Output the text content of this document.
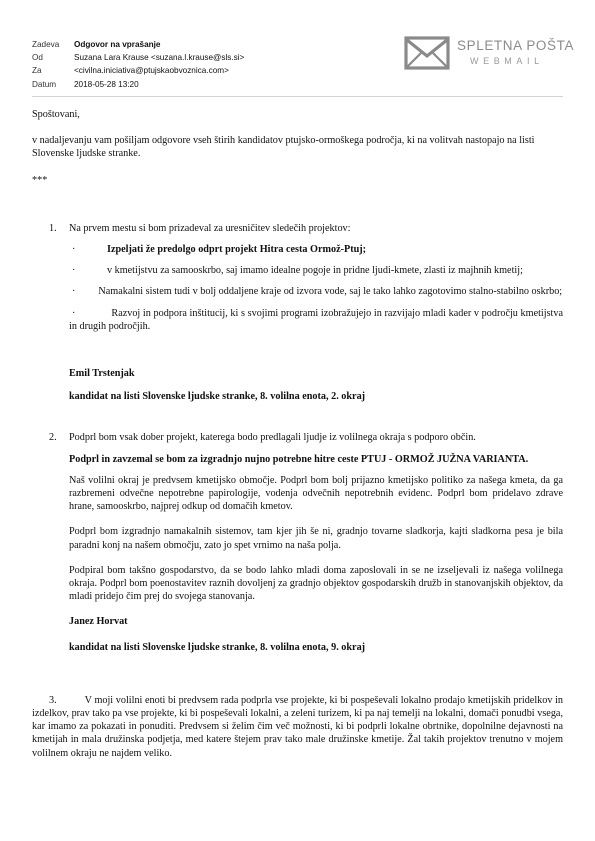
Zadeva	Odgovor na vprašanje
Od	Suzana Lara Krause <suzana.l.krause@sls.si>
Za	<civilna.iniciativa@ptujskaobvoznica.com>
Datum	2018-05-28 13:20
SPLETNA POŠTA
WEBMAIL

Spoštovani,

v nadaljevanju vam pošiljam odgovore vseh štirih kandidatov ptujsko-ormoškega področja, ki na volitvah nastopajo na listi Slovenske ljudske stranke.

***

1. Na prvem mestu si bom prizadeval za uresničitev sledečih projektov:

·	Izpeljati že predolgo odprt projekt Hitra cesta Ormož-Ptuj;

·	v kmetijstvu za samooskrbo, saj imamo idealne pogoje in pridne ljudi-kmete, zlasti iz majhnih kmetij;

· Namakalni sistem tudi v bolj oddaljene kraje od izvora vode, saj le tako lahko zagotovimo stalno-stabilno oskrbo;

·	Razvoj in podpora inštitucij, ki s svojimi programi izobražujejo in razvijajo mladi kader v področju kmetijstva in drugih področjih.

Emil Trstenjak

kandidat na listi Slovenske ljudske stranke, 8. volilna enota, 2. okraj

2. Podprl bom vsak dober projekt, katerega bodo predlagali ljudje iz volilnega okraja s podporo občin.

Podprl in zavzemal se bom za izgradnjo nujno potrebne hitre ceste PTUJ - ORMOŽ JUŽNA VARIANTA.

Naš volilni okraj je predvsem kmetijsko območje. Podprl bom bolj prijazno kmetijsko politiko za našega kmeta, da ga razbremeni odvečne nepotrebne papirologije, vodenja odvečnih nepotrebnih evidenc. Podprl bom pridelavo zdrave hrane, samooskrbo, najprej odkup od domačih kmetov.

Podprl bom izgradnjo namakalnih sistemov, tam kjer jih še ni, gradnjo tovarne sladkorja, kajti sladkorna pesa je bila paradni konj na našem območju, zato jo spet vrnimo na naša polja.

Podpiral bom takšno gospodarstvo, da se bodo lahko mladi doma zaposlovali in se ne izseljevali iz našega volilnega okraja. Podprl bom poenostavitev raznih dovoljenj za gradnjo objektov gospodarskih družb in stanovanjskih objektov, da mladi pridejo čim prej do svojega stanovanja.

Janez Horvat

kandidat na listi Slovenske ljudske stranke, 8. volilna enota, 9. okraj

3.	V moji volilni enoti bi predvsem rada podprla vse projekte, ki bi pospeševali lokalno prodajo kmetijskih pridelkov in izdelkov, prav tako pa vse projekte, ki bi pospeševali lokalni, a zeleni turizem, ki pa naj temelji na lokalni, domači ponudbi vsega, kar imamo za pokazati in ponuditi. Predvsem si želim čim več možnosti, ki bi podprli lokalne obrtnike, dopolnilne dejavnosti na kmetijah in mala družinska podjetja, med katere štejem prav tako male družinske kmetije. Žal takih projektov trenutno v mojem volilnem okraju ne najdem veliko.
